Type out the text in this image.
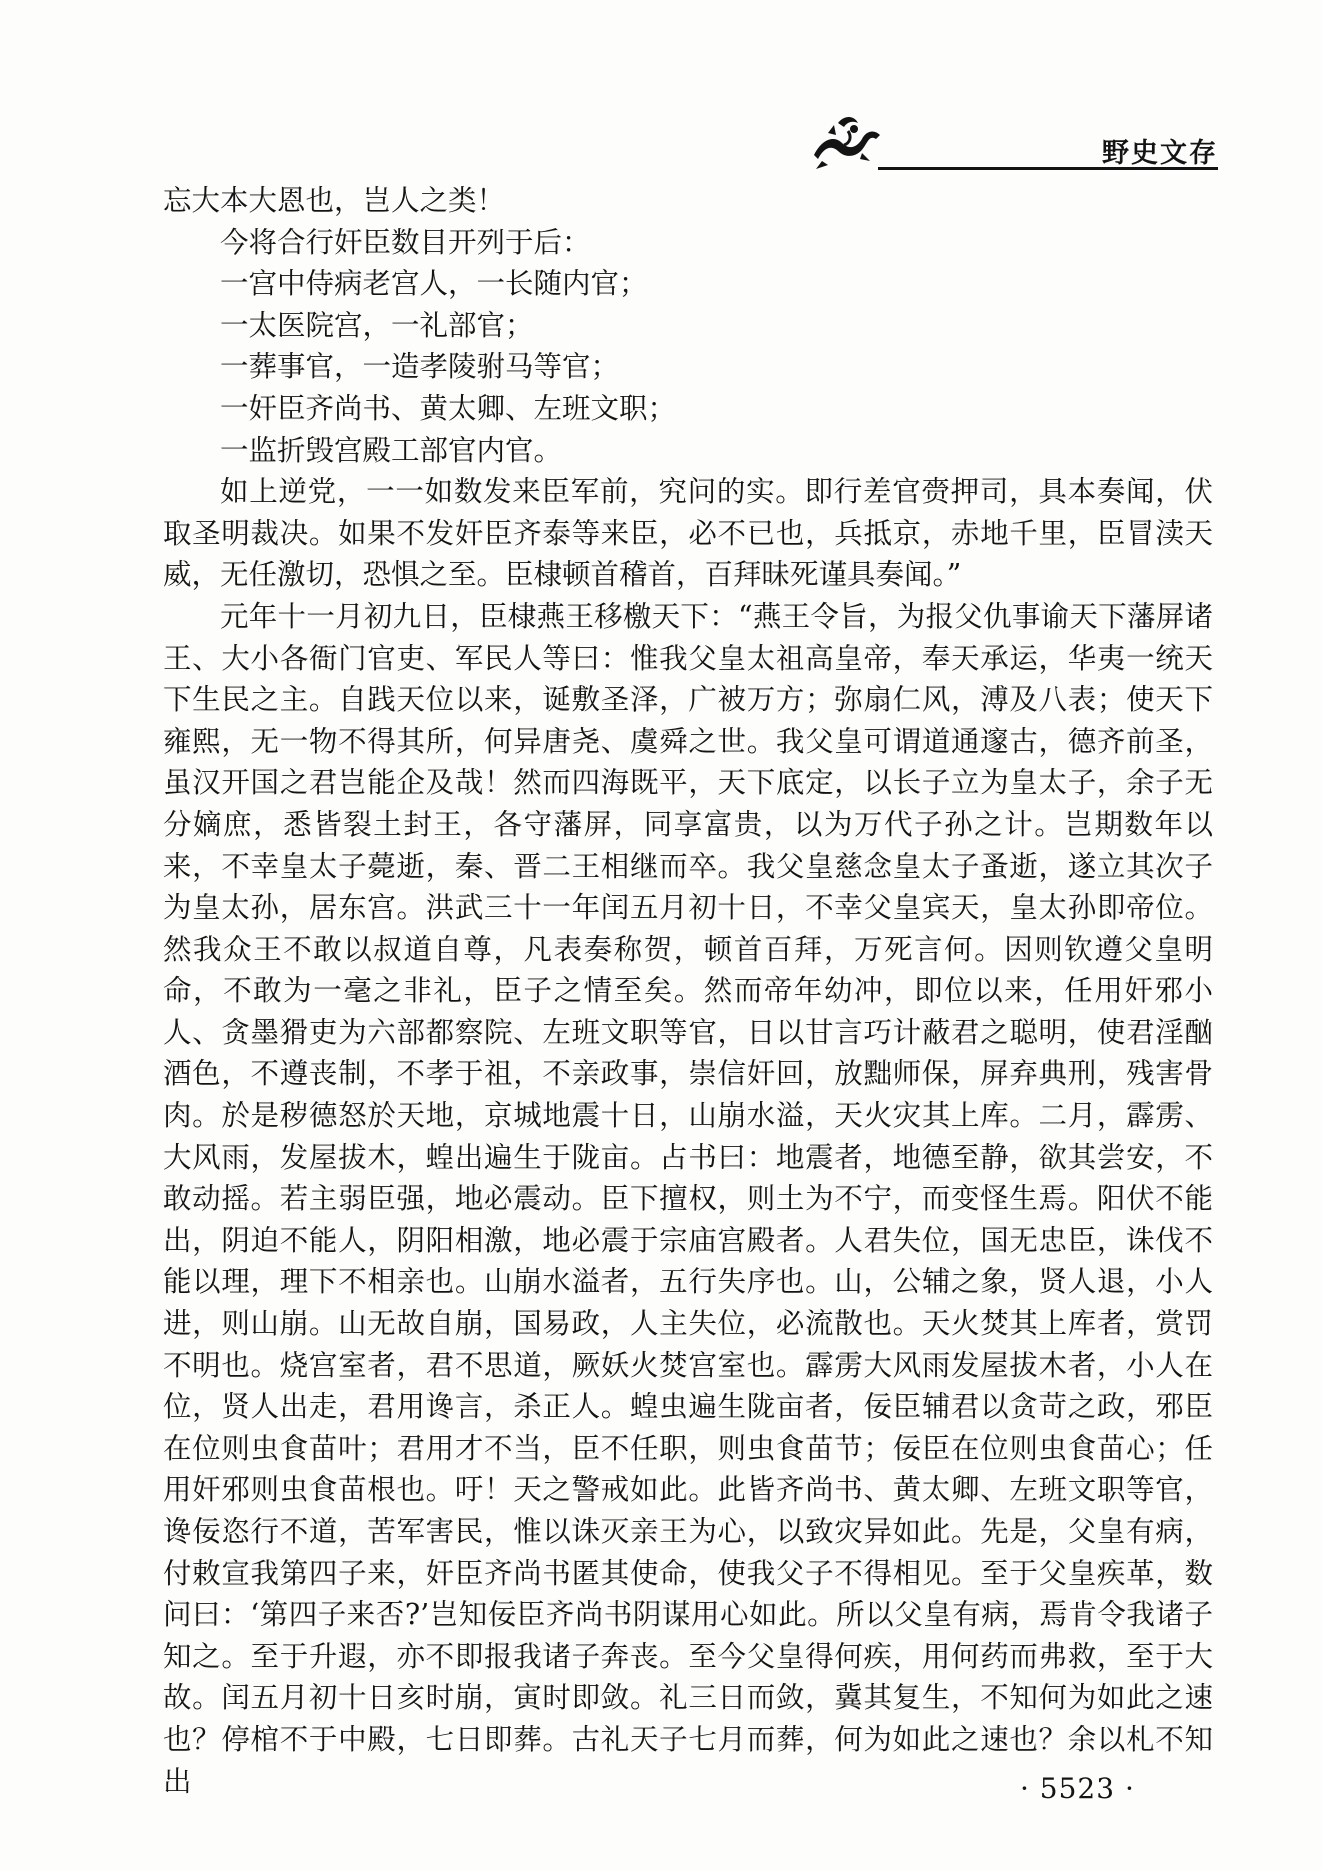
野史文存

忘大本大恩也，岂人之类！

今将合行奸臣数目开列于后：

一宫中侍病老宫人，一长随内官；

一太医院宫，一礼部官；

一葬事官，一造孝陵驸马等官；

一奸臣齐尚书、黄太卿、左班文职；

一监折毁宫殿工部官内官。

如上逆党，一一如数发来臣军前，究问的实。即行差官赍押司，具本奏闻，伏取圣明裁决。如果不发奸臣齐泰等来臣，必不已也，兵抵京，赤地千里，臣冒渎天威，无任激切，恐惧之至。臣棣顿首稽首，百拜昧死谨具奏闻。”

元年十一月初九日，臣棣燕王移檄天下：“燕王令旨，为报父仇事谕天下藩屏诸王、大小各衙门官吏、军民人等曰：惟我父皇太祖高皇帝，奉天承运，华夷一统天下生民之主。自践天位以来，诞敷圣泽，广被万方；弥扇仁风，溥及八表；使天下雍熙，无一物不得其所，何异唐尧、虞舜之世。我父皇可谓道通邃古，德齐前圣，虽汉开国之君岂能企及哉！然而四海既平，天下底定，以长子立为皇太子，余子无分嫡庶，悉皆裂土封王，各守藩屏，同享富贵，以为万代子孙之计。岂期数年以来，不幸皇太子薨逝，秦、晋二王相继而卒。我父皇慈念皇太子蚤逝，遂立其次子为皇太孙，居东宫。洪武三十一年闰五月初十日，不幸父皇宾天，皇太孙即帝位。然我众王不敢以叔道自尊，凡表奏称贺，顿首百拜，万死言何。因则钦遵父皇明命，不敢为一毫之非礼，臣子之情至矣。然而帝年幼冲，即位以来，任用奸邪小人、贪墨猾吏为六部都察院、左班文职等官，日以甘言巧计蔽君之聪明，使君淫酗酒色，不遵丧制，不孝于祖，不亲政事，崇信奸回，放黜师保，屏弃典刑，残害骨肉。於是秽德怒於天地，京城地震十日，山崩水溢，天火灾其上库。二月，霹雳、大风雨，发屋拔木，蝗出遍生于陇亩。占书曰：地震者，地德至静，欲其尝安，不敢动摇。若主弱臣强，地必震动。臣下擅权，则土为不宁，而变怪生焉。阳伏不能出，阴迫不能人，阴阳相激，地必震于宗庙宫殿者。人君失位，国无忠臣，诛伐不能以理，理下不相亲也。山崩水溢者，五行失序也。山，公辅之象，贤人退，小人进，则山崩。山无故自崩，国易政，人主失位，必流散也。天火焚其上库者，赏罚不明也。烧宫室者，君不思道，厥妖火焚宫室也。霹雳大风雨发屋拔木者，小人在位，贤人出走，君用谗言，杀正人。蝗虫遍生陇亩者，佞臣辅君以贪苛之政，邪臣在位则虫食苗叶；君用才不当，臣不任职，则虫食苗节；佞臣在位则虫食苗心；任用奸邪则虫食苗根也。吁！天之警戒如此。此皆齐尚书、黄太卿、左班文职等官，谗佞恣行不道，苦军害民，惟以诛灭亲王为心，以致灾异如此。先是，父皇有病，付敕宣我第四子来，奸臣齐尚书匿其使命，使我父子不得相见。至于父皇疾革，数问曰：‘第四子来否?’岂知佞臣齐尚书阴谋用心如此。所以父皇有病，焉肯令我诸子知之。至于升遐，亦不即报我诸子奔丧。至今父皇得何疾，用何药而弗救，至于大故。闰五月初十日亥时崩，寅时即敛。礼三日而敛，冀其复生，不知何为如此之速也？停棺不于中殿，七日即葬。古礼天子七月而葬，何为如此之速也？余以札不知出	· 5523 ·
